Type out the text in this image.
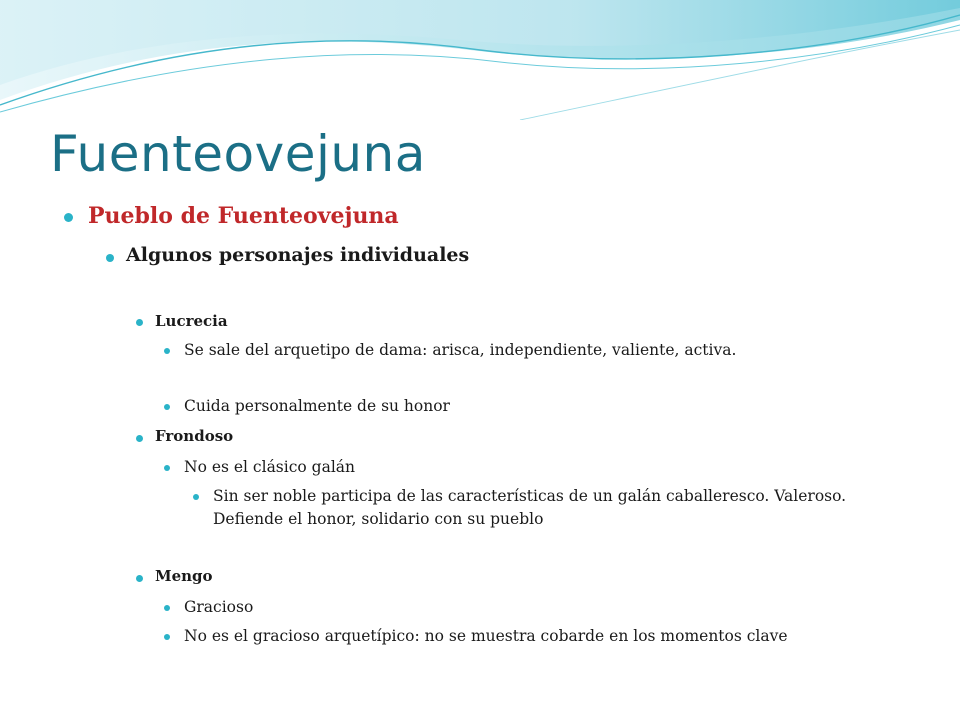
Fuenteovejuna

Pueblo de Fuenteovejuna

Algunos personajes individuales

Lucrecia

Se sale del arquetipo de dama: arisca, independiente, valiente, activa.

Cuida personalmente de su honor

Frondoso

No es el clásico galán

Sin ser noble participa de las características de un galán caballeresco. Valeroso. Defiende el honor, solidario con su pueblo

Mengo

Gracioso

No es el gracioso arquetípico: no se muestra cobarde en los momentos clave
